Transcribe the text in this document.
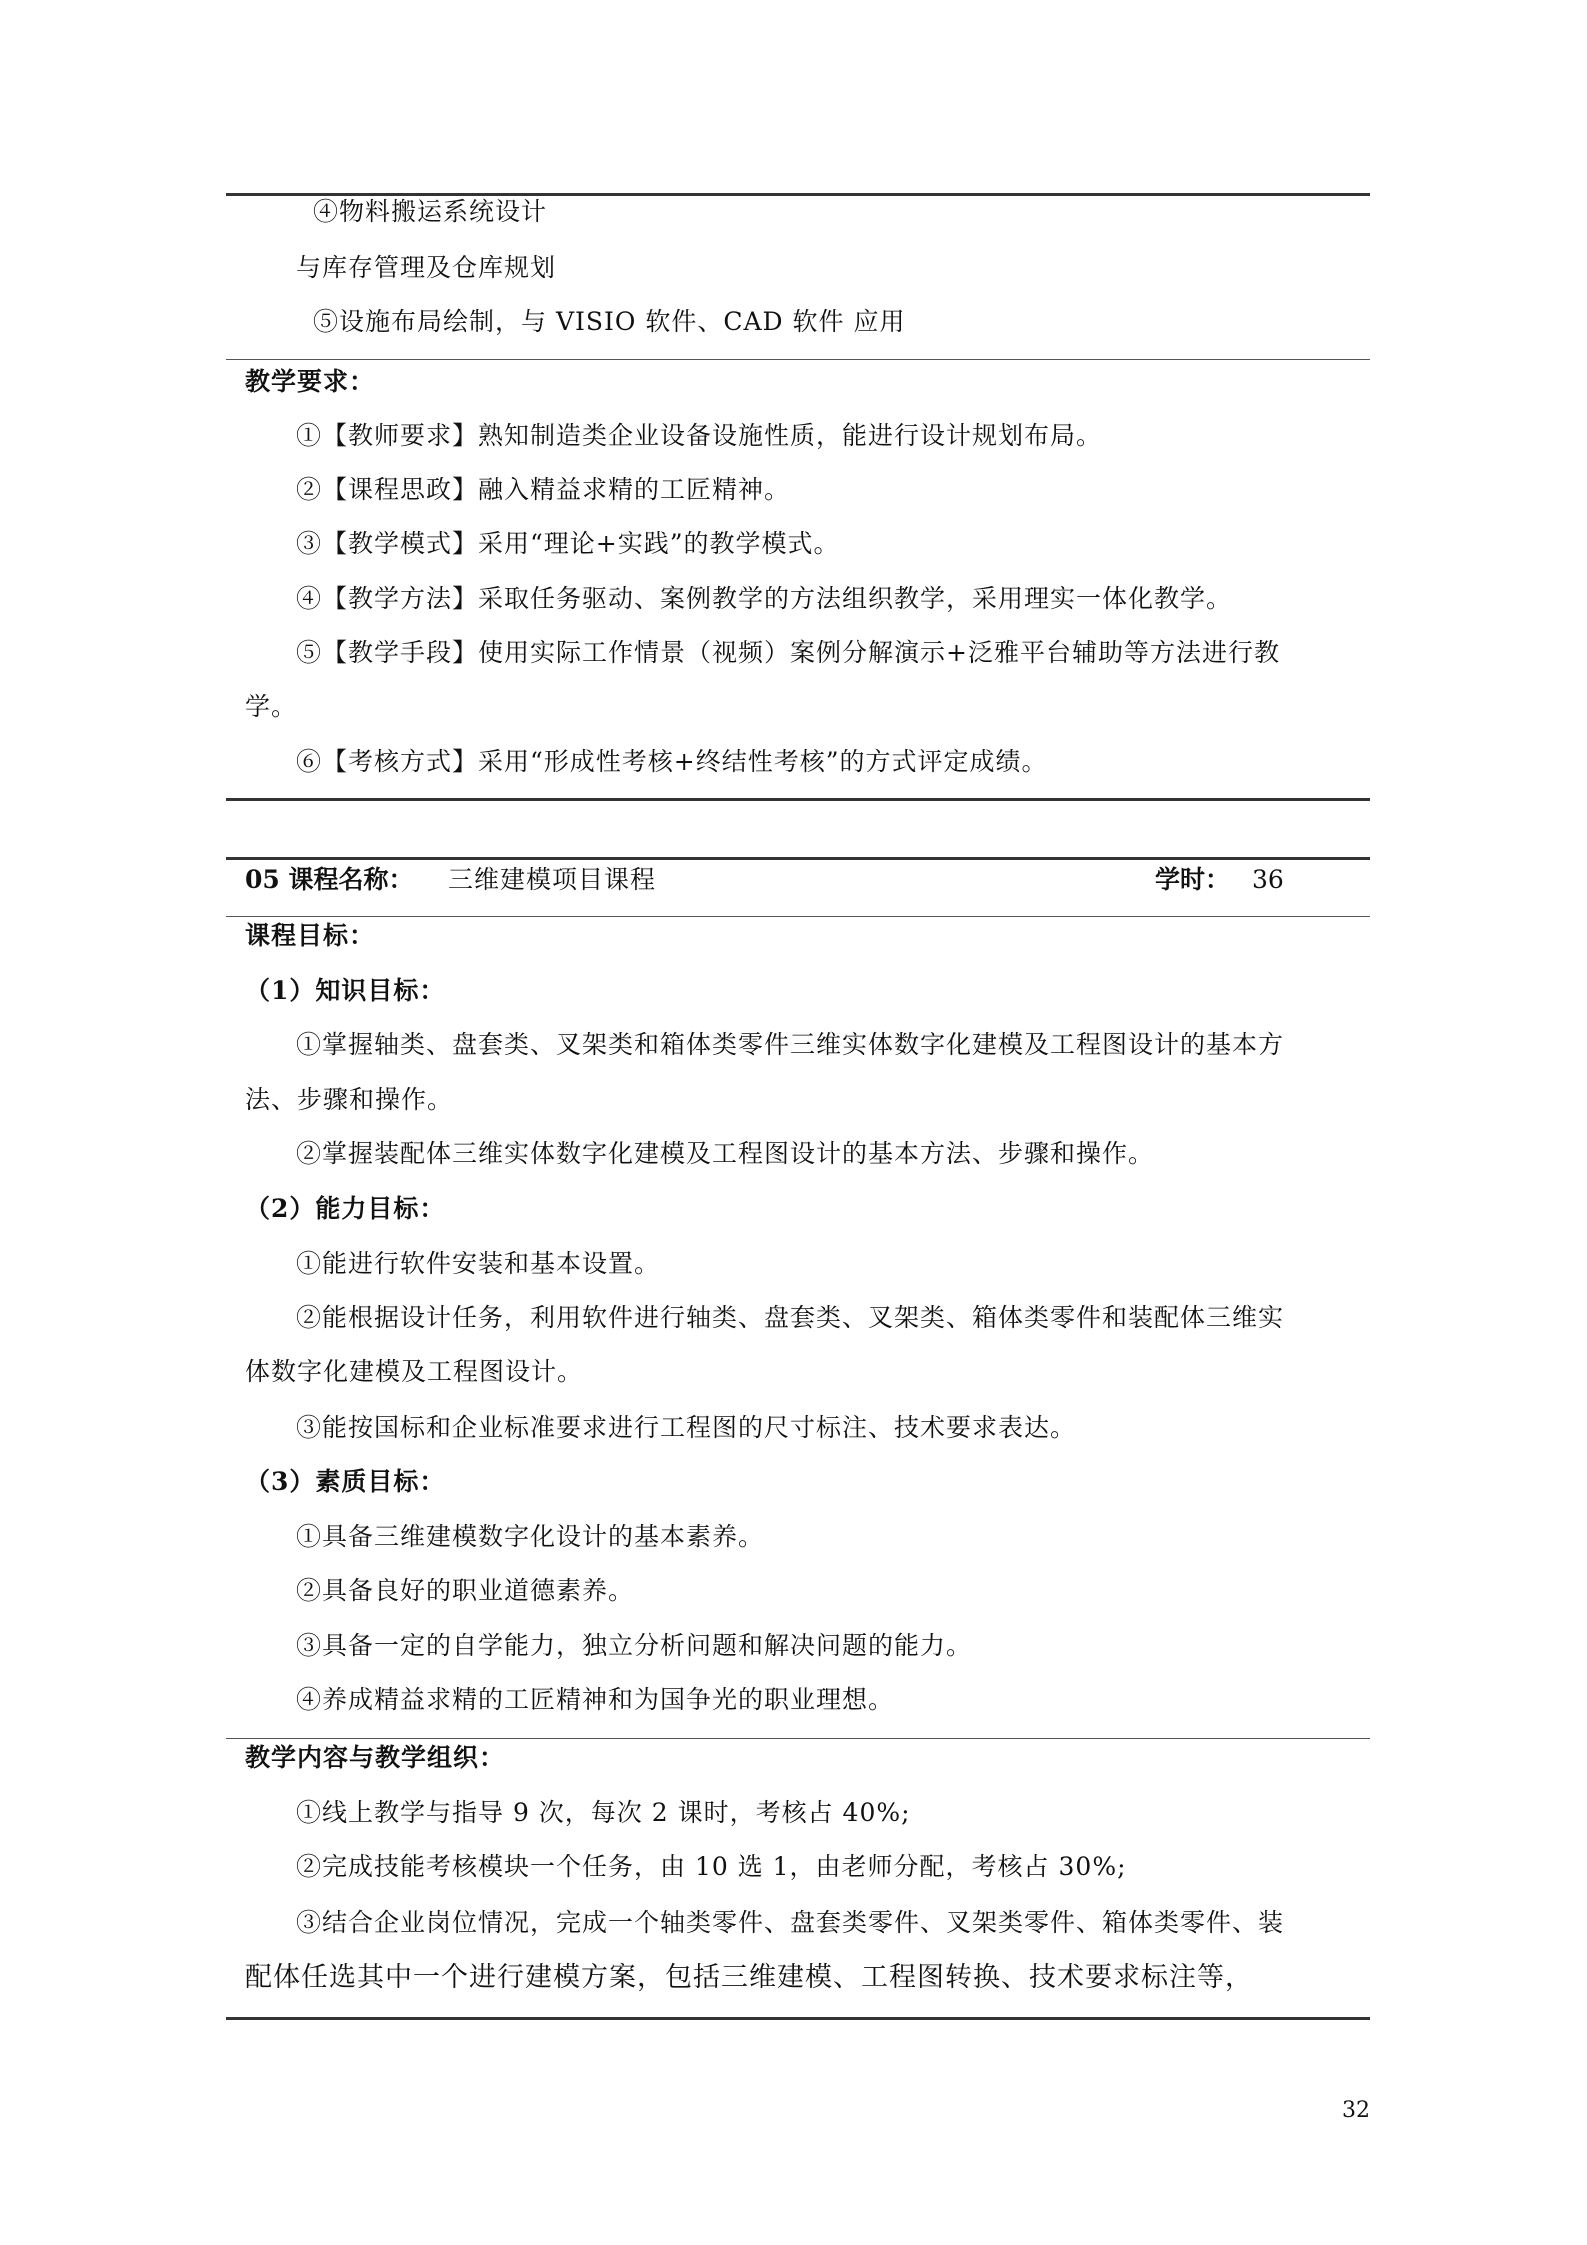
④物料搬运系统设计
与库存管理及仓库规划
⑤设施布局绘制，与 VISIO 软件、CAD 软件 应用
教学要求：
①【教师要求】熟知制造类企业设备设施性质，能进行设计规划布局。
②【课程思政】融入精益求精的工匠精神。
③【教学模式】采用“理论+实践”的教学模式。
④【教学方法】采取任务驱动、案例教学的方法组织教学，采用理实一体化教学。
⑤【教学手段】使用实际工作情景（视频）案例分解演示+泛雅平台辅助等方法进行教
学。
⑥【考核方式】采用“形成性考核+终结性考核”的方式评定成绩。
05 课程名称： 三维建模项目课程	学时： 36
课程目标：
（1）知识目标：
①掌握轴类、盘套类、叉架类和箱体类零件三维实体数字化建模及工程图设计的基本方
法、步骤和操作。
②掌握装配体三维实体数字化建模及工程图设计的基本方法、步骤和操作。
（2）能力目标：
①能进行软件安装和基本设置。
②能根据设计任务，利用软件进行轴类、盘套类、叉架类、箱体类零件和装配体三维实
体数字化建模及工程图设计。
③能按国标和企业标准要求进行工程图的尺寸标注、技术要求表达。
（3）素质目标：
①具备三维建模数字化设计的基本素养。
②具备良好的职业道德素养。
③具备一定的自学能力，独立分析问题和解决问题的能力。
④养成精益求精的工匠精神和为国争光的职业理想。
教学内容与教学组织：
①线上教学与指导 9 次，每次 2 课时，考核占 40%;
②完成技能考核模块一个任务，由 10 选 1，由老师分配，考核占 30%;
③结合企业岗位情况，完成一个轴类零件、盘套类零件、叉架类零件、箱体类零件、装
配体任选其中一个进行建模方案，包括三维建模、工程图转换、技术要求标注等，
32
